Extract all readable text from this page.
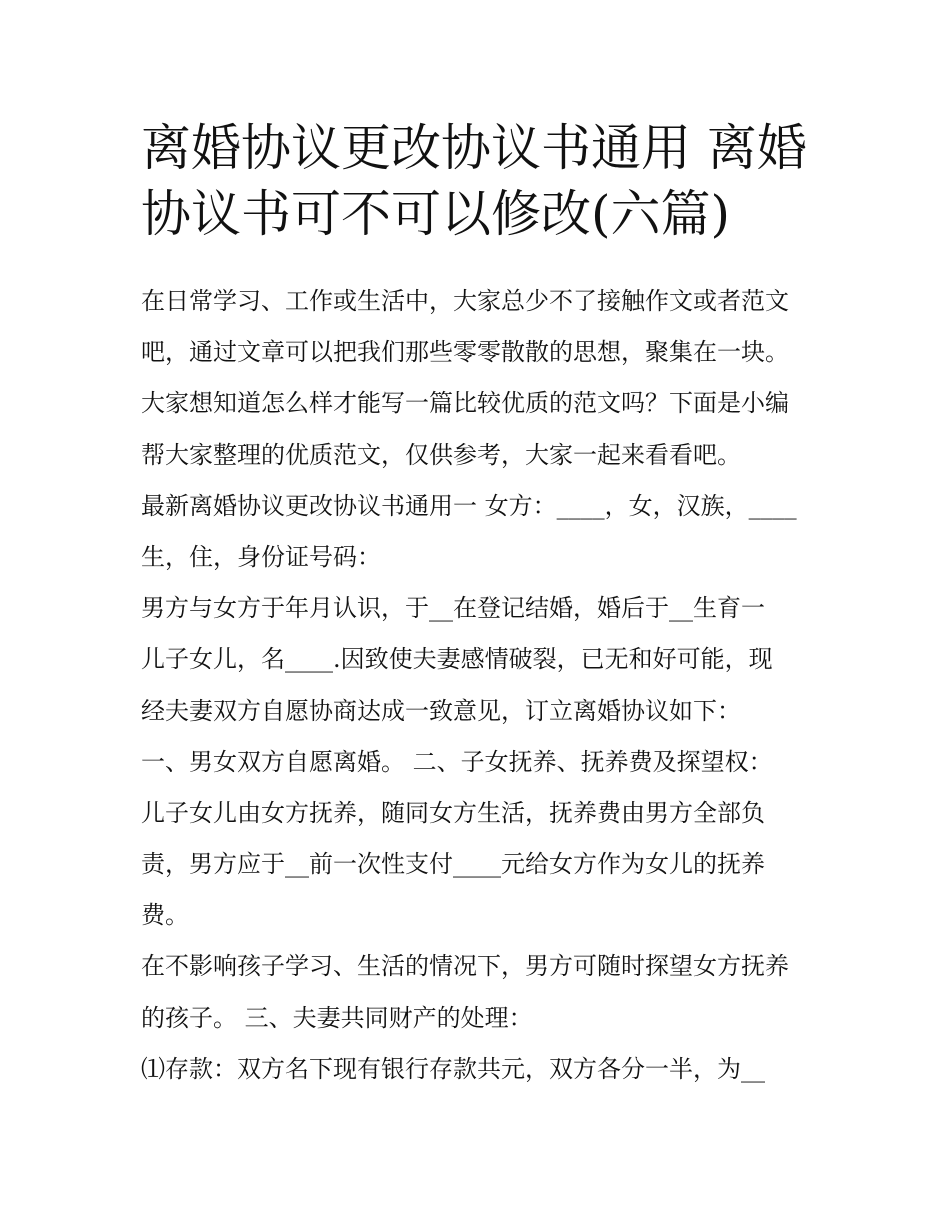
离婚协议更改协议书通用 离婚
协议书可不可以修改(六篇)
在日常学习、工作或生活中，大家总少不了接触作文或者范文
吧，通过文章可以把我们那些零零散散的思想，聚集在一块。
大家想知道怎么样才能写一篇比较优质的范文吗？下面是小编
帮大家整理的优质范文，仅供参考，大家一起来看看吧。
最新离婚协议更改协议书通用一 女方：____，女，汉族，____
生，住，身份证号码：
男方与女方于年月认识，于__在登记结婚，婚后于__生育一
儿子女儿，名____.因致使夫妻感情破裂，已无和好可能，现
经夫妻双方自愿协商达成一致意见，订立离婚协议如下：
一、男女双方自愿离婚。 二、子女抚养、抚养费及探望权：
儿子女儿由女方抚养，随同女方生活，抚养费由男方全部负
责，男方应于__前一次性支付____元给女方作为女儿的抚养
费。
在不影响孩子学习、生活的情况下，男方可随时探望女方抚养
的孩子。 三、夫妻共同财产的处理：
⑴存款：双方名下现有银行存款共元，双方各分一半，为__
